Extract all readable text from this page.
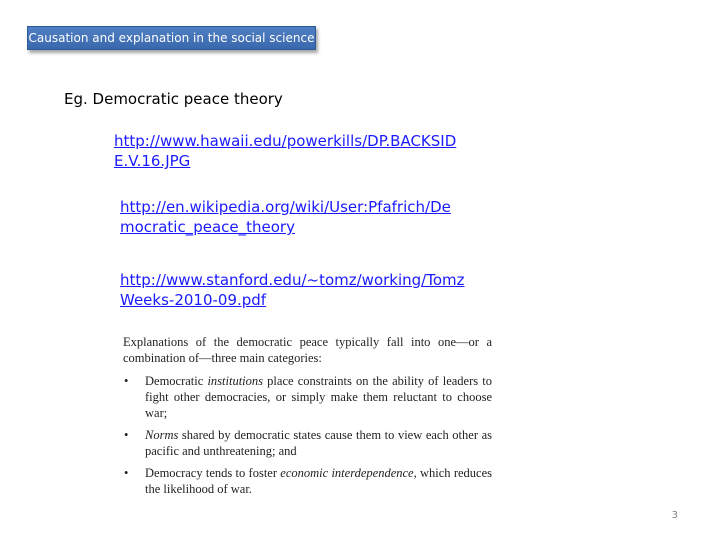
Causation and explanation in the social science
Eg. Democratic peace theory
http://www.hawaii.edu/powerkills/DP.BACKSIDE.V.16.JPG
http://en.wikipedia.org/wiki/User:Pfafrich/Democratic_peace_theory
http://www.stanford.edu/~tomz/working/TomzWeeks-2010-09.pdf

Explanations of the democratic peace typically fall into one—or a combination of—three main categories:

• Democratic institutions place constraints on the ability of leaders to fight other democracies, or simply make them reluctant to choose war;
• Norms shared by democratic states cause them to view each other as pacific and unthreatening; and
• Democracy tends to foster economic interdependence, which reduces the likelihood of war.
3
